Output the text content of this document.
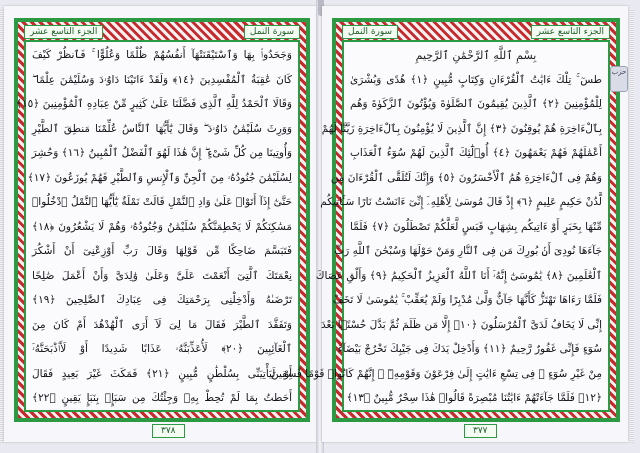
الجزء التاسع عشر	سورة النمل
وَجَحَدُوا۟ بِهَا وَٱسْتَيْقَنَتْهَآ أَنفُسُهُمْ ظُلْمًا وَعُلُوًّا ۚ فَٱنظُرْ كَيْفَ
كَانَ عَٰقِبَةُ ٱلْمُفْسِدِينَ ﴿١٤﴾ وَلَقَدْ ءَاتَيْنَا دَاوُۥدَ وَسُلَيْمَٰنَ عِلْمًا ۖ
وَقَالَا ٱلْحَمْدُ لِلَّهِ ٱلَّذِى فَضَّلَنَا عَلَىٰ كَثِيرٍ مِّنْ عِبَادِهِ ٱلْمُؤْمِنِينَ ﴿١٥﴾
وَوَرِثَ سُلَيْمَٰنُ دَاوُۥدَ ۖ وَقَالَ يَٰٓأَيُّهَا ٱلنَّاسُ عُلِّمْنَا مَنطِقَ ٱلطَّيْرِ
وَأُوتِينَا مِن كُلِّ شَىْءٍ ۖ إِنَّ هَٰذَا لَهُوَ ٱلْفَضْلُ ٱلْمُبِينُ ﴿١٦﴾ وَحُشِرَ
لِسُلَيْمَٰنَ جُنُودُهُۥ مِنَ ٱلْجِنِّ وَٱلْإِنسِ وَٱلطَّيْرِ فَهُمْ يُوزَعُونَ ﴿١٧﴾
حَتَّىٰٓ إِذَآ أَتَوْا۟ عَلَىٰ وَادِ ٱلنَّمْلِ قَالَتْ نَمْلَةٌ يَٰٓأَيُّهَا ٱلنَّمْلُ ٱدْخُلُوا۟
مَسَٰكِنَكُمْ لَا يَحْطِمَنَّكُمْ سُلَيْمَٰنُ وَجُنُودُهُۥ وَهُمْ لَا يَشْعُرُونَ ﴿١٨﴾
فَتَبَسَّمَ ضَاحِكًا مِّن قَوْلِهَا وَقَالَ رَبِّ أَوْزِعْنِىٓ أَنْ أَشْكُرَ
نِعْمَتَكَ ٱلَّتِىٓ أَنْعَمْتَ عَلَىَّ وَعَلَىٰ وَٰلِدَىَّ وَأَنْ أَعْمَلَ صَٰلِحًا
تَرْضَىٰهُ وَأَدْخِلْنِى بِرَحْمَتِكَ فِى عِبَادِكَ ٱلصَّٰلِحِينَ ﴿١٩﴾
وَتَفَقَّدَ ٱلطَّيْرَ فَقَالَ مَا لِىَ لَآ أَرَى ٱلْهُدْهُدَ أَمْ كَانَ مِنَ
ٱلْغَآئِبِينَ ﴿٢٠﴾ لَأُعَذِّبَنَّهُۥ عَذَابًا شَدِيدًا أَوْ لَأَا۟ذْبَحَنَّهُۥٓ
أَوْ لَيَأْتِيَنِّى بِسُلْطَٰنٍ مُّبِينٍ ﴿٢١﴾ فَمَكَثَ غَيْرَ بَعِيدٍ فَقَالَ
أَحَطتُ بِمَا لَمْ تُحِطْ بِهِۦ وَجِئْتُكَ مِن سَبَإٍۭ بِنَبَإٍ يَقِينٍ ﴿٢٢﴾
٣٧٨
سورة النمل	الجزء التاسع عشر
بِسْمِ ٱللَّهِ ٱلرَّحْمَٰنِ ٱلرَّحِيمِ
طسٓ ۚ تِلْكَ ءَايَٰتُ ٱلْقُرْءَانِ وَكِتَابٍ مُّبِينٍ ﴿١﴾ هُدًى وَبُشْرَىٰ
لِلْمُؤْمِنِينَ ﴿٢﴾ ٱلَّذِينَ يُقِيمُونَ ٱلصَّلَوٰةَ وَيُؤْتُونَ ٱلزَّكَوٰةَ وَهُم
بِٱلْءَاخِرَةِ هُمْ يُوقِنُونَ ﴿٣﴾ إِنَّ ٱلَّذِينَ لَا يُؤْمِنُونَ بِٱلْءَاخِرَةِ زَيَّنَّا لَهُمْ
أَعْمَٰلَهُمْ فَهُمْ يَعْمَهُونَ ﴿٤﴾ أُو۟لَٰٓئِكَ ٱلَّذِينَ لَهُمْ سُوٓءُ ٱلْعَذَابِ
وَهُمْ فِى ٱلْءَاخِرَةِ هُمُ ٱلْأَخْسَرُونَ ﴿٥﴾ وَإِنَّكَ لَتُلَقَّى ٱلْقُرْءَانَ مِن
لَّدُنْ حَكِيمٍ عَلِيمٍ ﴿٦﴾ إِذْ قَالَ مُوسَىٰ لِأَهْلِهِۦٓ إِنِّىٓ ءَانَسْتُ نَارًا سَـَٔاتِيكُم
مِّنْهَا بِخَبَرٍ أَوْ ءَاتِيكُم بِشِهَابٍ قَبَسٍ لَّعَلَّكُمْ تَصْطَلُونَ ﴿٧﴾ فَلَمَّا
جَآءَهَا نُودِىَ أَنۢ بُورِكَ مَن فِى ٱلنَّارِ وَمَنْ حَوْلَهَا وَسُبْحَٰنَ ٱللَّهِ رَبِّ
ٱلْعَٰلَمِينَ ﴿٨﴾ يَٰمُوسَىٰٓ إِنَّهُۥٓ أَنَا ٱللَّهُ ٱلْعَزِيزُ ٱلْحَكِيمُ ﴿٩﴾ وَأَلْقِ عَصَاكَ
فَلَمَّا رَءَاهَا تَهْتَزُّ كَأَنَّهَا جَآنٌّ وَلَّىٰ مُدْبِرًا وَلَمْ يُعَقِّبْ ۚ يَٰمُوسَىٰ لَا تَخَفْ
إِنِّى لَا يَخَافُ لَدَىَّ ٱلْمُرْسَلُونَ ﴿١٠﴾ إِلَّا مَن ظَلَمَ ثُمَّ بَدَّلَ حُسْنًۢا بَعْدَ
سُوٓءٍ فَإِنِّى غَفُورٌ رَّحِيمٌ ﴿١١﴾ وَأَدْخِلْ يَدَكَ فِى جَيْبِكَ تَخْرُجْ بَيْضَآءَ
مِنْ غَيْرِ سُوٓءٍ ۖ فِى تِسْعِ ءَايَٰتٍ إِلَىٰ فِرْعَوْنَ وَقَوْمِهِۦٓ ۚ إِنَّهُمْ كَانُوا۟ قَوْمًا فَٰسِقِينَ
﴿١٢﴾ فَلَمَّا جَآءَتْهُمْ ءَايَٰتُنَا مُبْصِرَةً قَالُوا۟ هَٰذَا سِحْرٌ مُّبِينٌ ﴿١٣﴾
حزب
٣٧٧
